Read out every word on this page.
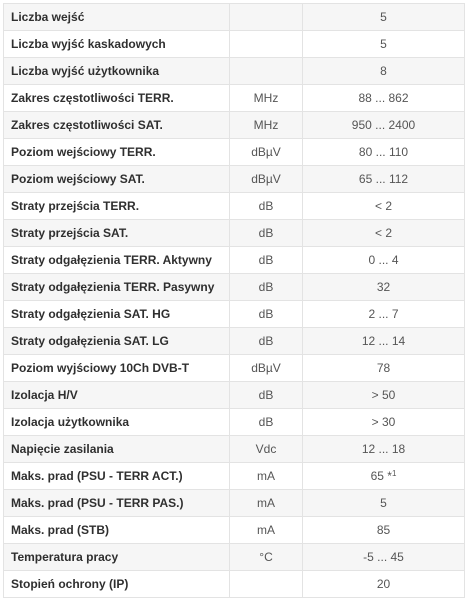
Liczba wejść		5
Liczba wyjść kaskadowych		5
Liczba wyjść użytkownika		8
Zakres częstotliwości TERR.	MHz	88 ... 862
Zakres częstotliwości SAT.	MHz	950 ... 2400
Poziom wejściowy TERR.	dBµV	80 ... 110
Poziom wejściowy SAT.	dBµV	65 ... 112
Straty przejścia TERR.	dB	< 2
Straty przejścia SAT.	dB	< 2
Straty odgałęzienia TERR. Aktywny	dB	0 ... 4
Straty odgałęzienia TERR. Pasywny	dB	32
Straty odgałęzienia SAT. HG	dB	2 ... 7
Straty odgałęzienia SAT. LG	dB	12 ... 14
Poziom wyjściowy 10Ch DVB-T	dBµV	78
Izolacja H/V	dB	> 50
Izolacja użytkownika	dB	> 30
Napięcie zasilania	Vdc	12 ... 18
Maks. prad (PSU - TERR ACT.)	mA	65 *$^1$
Maks. prad (PSU - TERR PAS.)	mA	5
Maks. prad (STB)	mA	85
Temperatura pracy	°C	-5 ... 45
Stopień ochrony (IP)		20
